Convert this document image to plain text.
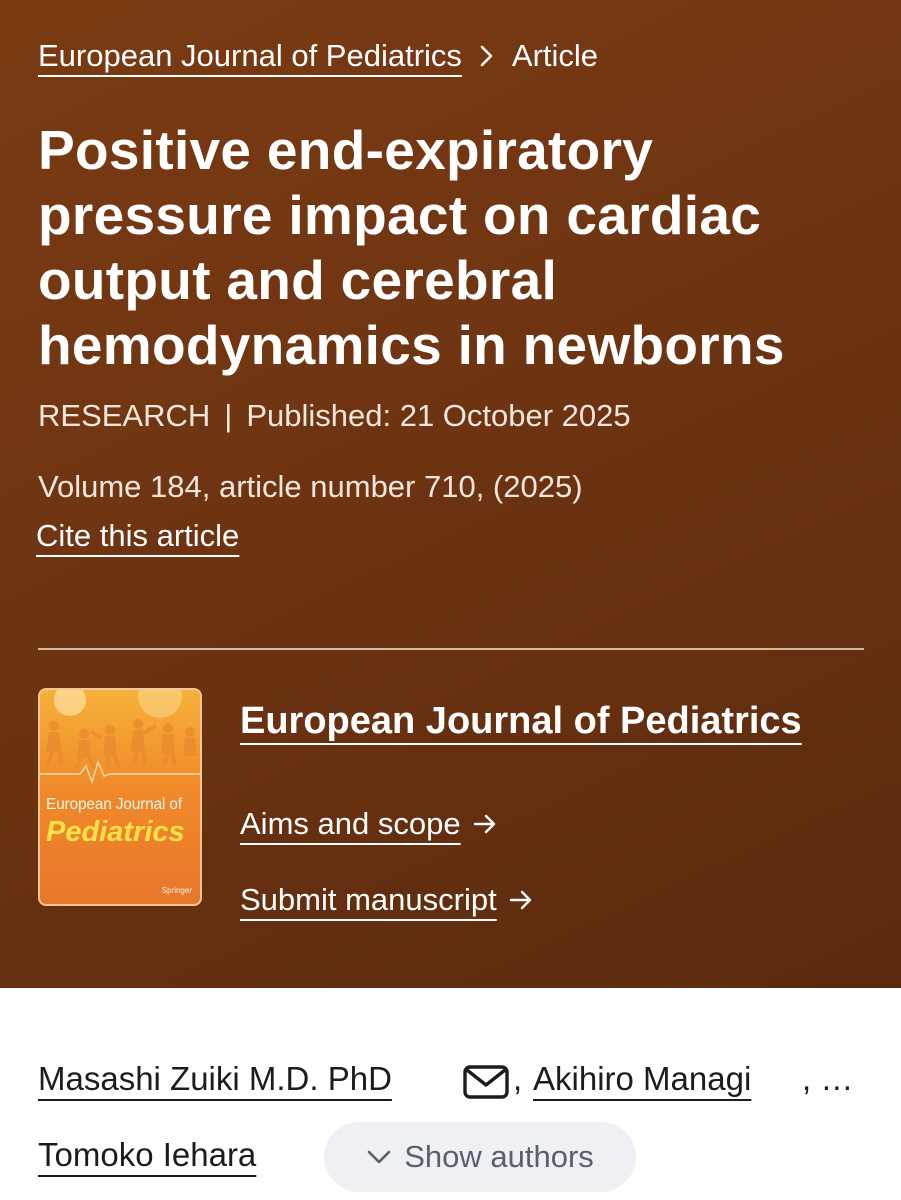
European Journal of Pediatrics Article
Positive end-expiratory pressure impact on cardiac output and cerebral hemodynamics in newborns
RESEARCH | Published: 21 October 2025
Volume 184, article number 710, (2025)
Cite this article
European Journal of
Pediatrics
Springer
European Journal of Pediatrics
Aims and scope
Submit manuscript
Masashi Zuiki M.D. PhD	, Akihiro Managi , …
Tomoko Iehara	Show authors
